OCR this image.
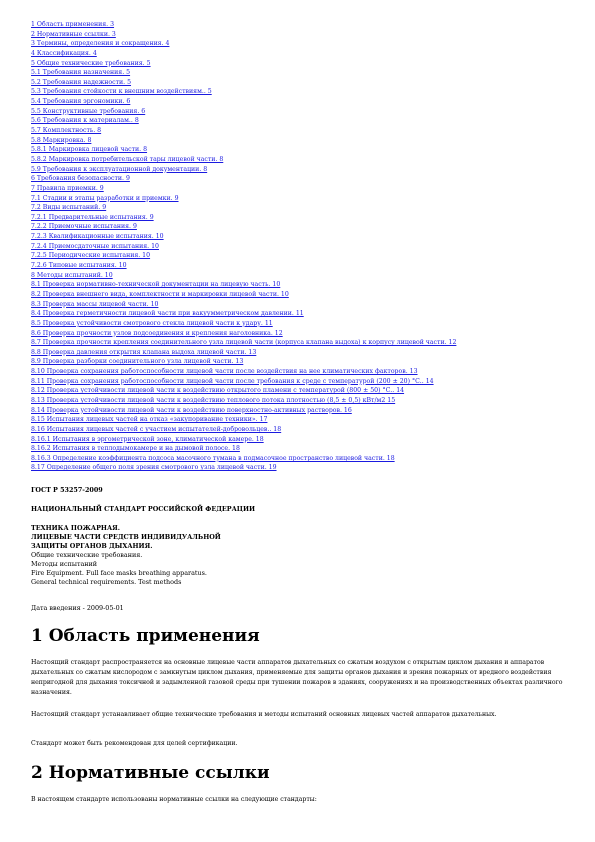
1 Область применения. 3
2 Нормативные ссылки. 3
3 Термины, определения и сокращения. 4
4 Классификация. 4
5 Общие технические требования. 5
5.1 Требования назначения. 5
5.2 Требования надежности. 5
5.3 Требования стойкости к внешним воздействиям.. 5
5.4 Требования эргономики. 6
5.5 Конструктивные требования. 6
5.6 Требования к материалам.. 8
5.7 Комплектность. 8
5.8 Маркировка. 8
5.8.1 Маркировка лицевой части. 8
5.8.2 Маркировка потребительской тары лицевой части. 8
5.9 Требования к эксплуатационной документации. 8
6 Требования безопасности. 9
7 Правила приемки. 9
7.1 Стадии и этапы разработки и приемки. 9
7.2 Виды испытаний. 9
7.2.1 Предварительные испытания. 9
7.2.2 Приемочные испытания. 9
7.2.3 Квалификационные испытания. 10
7.2.4 Приемосдаточные испытания. 10
7.2.5 Периодические испытания. 10
7.2.6 Типовые испытания. 10
8 Методы испытаний. 10
8.1 Проверка нормативно-технической документации на лицевую часть. 10
8.2 Проверка внешнего вида, комплектности и маркировки лицевой части. 10
8.3 Проверка массы лицевой части. 10
8.4 Проверка герметичности лицевой части при вакуумметрическом давлении. 11
8.5 Проверка устойчивости смотрового стекла лицевой части к удару. 11
8.6 Проверка прочности узлов подсоединения и крепления наголовника. 12
8.7 Проверка прочности крепления соединительного узла лицевой части (корпуса клапана выдоха) к корпусу лицевой части. 12
8.8 Проверка давления открытия клапана выдоха лицевой части. 13
8.9 Проверка разборки соединительного узла лицевой части. 13
8.10 Проверка сохранения работоспособности лицевой части после воздействия на нее климатических факторов. 13
8.11 Проверка сохранения работоспособности лицевой части после требования к среде с температурой (200 ± 20) °С.. 14
8.12 Проверка устойчивости лицевой части к воздействию открытого пламени с температурой (800 ± 50) °С.. 14
8.13 Проверка устойчивости лицевой части к воздействию теплового потока плотностью (8,5 ± 0,5) кВт/м2 15
8.14 Проверка устойчивости лицевой части к воздействию поверхностно-активных растворов. 16
8.15 Испытания лицевых частей на отказ «закупоривание техники». 17
8.16 Испытания лицевых частей с участием испытателей-добровольцев.. 18
8.16.1 Испытания в эргометрической зоне, климатической камере. 18
8.16.2 Испытания в теплодымокамере и на дымовой полосе. 18
8.16.3 Определение коэффициента подсоса масочного тумана в подмасочное пространство лицевой части. 18
8.17 Определение общего поля зрения смотрового узла лицевой части. 19
ГОСТ Р 53257-2009
НАЦИОНАЛЬНЫЙ СТАНДАРТ РОССИЙСКОЙ ФЕДЕРАЦИИ
ТЕХНИКА ПОЖАРНАЯ.
ЛИЦЕВЫЕ ЧАСТИ СРЕДСТВ ИНДИВИДУАЛЬНОЙ
ЗАЩИТЫ ОРГАНОВ ДЫХАНИЯ.
Общие технические требования.
Методы испытаний
Fire Equipment. Full face masks breathing apparatus.
General technical requirements. Test methods
Дата введения - 2009-05-01
1 Область применения
Настоящий стандарт распространяется на основные лицевые части аппаратов дыхательных со сжатым воздухом с открытым циклом дыхания и аппаратов дыхательных со сжатым кислородом с замкнутым циклом дыхания, применяемые для защиты органов дыхания и зрения пожарных от вредного воздействия непригодной для дыхания токсичной и задымленной газовой среды при тушении пожаров в зданиях, сооружениях и на производственных объектах различного назначения.
Настоящий стандарт устанавливает общие технические требования и методы испытаний основных лицевых частей аппаратов дыхательных.
Стандарт может быть рекомендован для целей сертификации.
2 Нормативные ссылки
В настоящем стандарте использованы нормативные ссылки на следующие стандарты:
